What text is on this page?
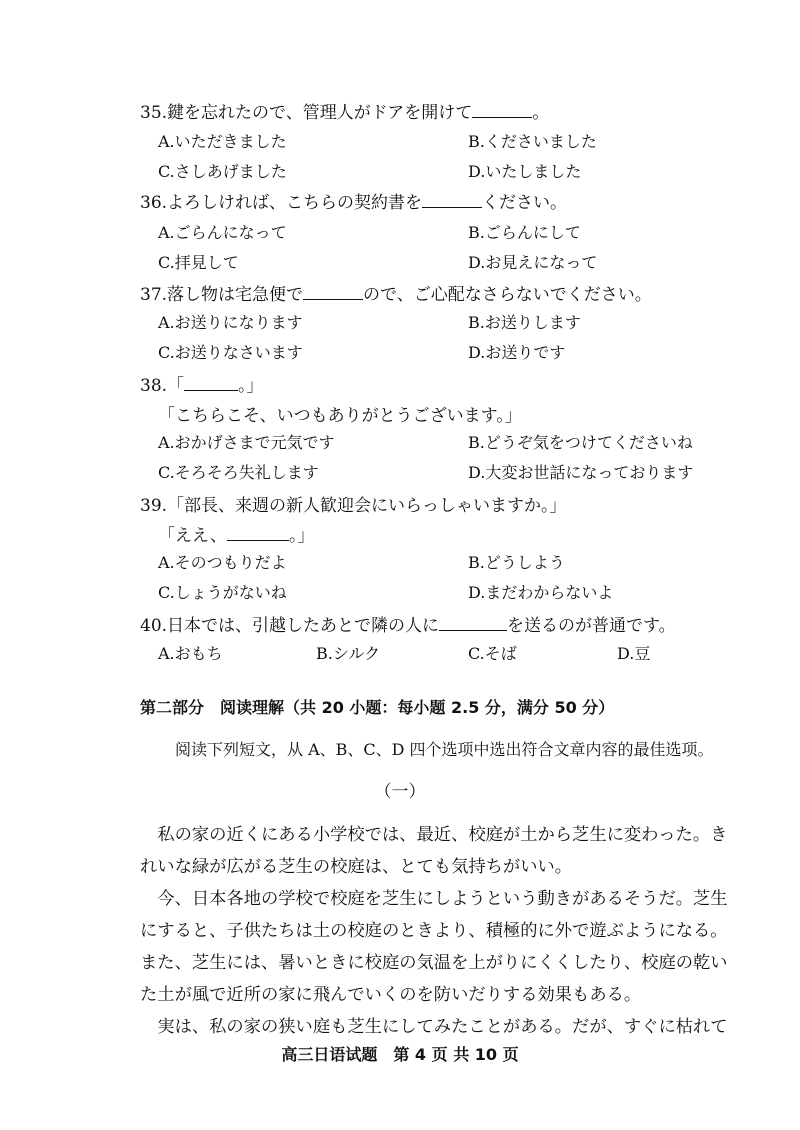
35.鍵を忘れたので、管理人がドアを開けて	。
A.いただきました	B.くださいました
C.さしあげました	D.いたしました
36.よろしければ、こちらの契約書を	ください。
A.ごらんになって	B.ごらんにして
C.拝見して	D.お見えになって
37.落し物は宅急便で	ので、ご心配なさらないでください。
A.お送りになります	B.お送りします
C.お送りなさいます	D.お送りです
38.「	。」
「こちらこそ、いつもありがとうございます。」
A.おかげさまで元気です	B.どうぞ気をつけてくださいね
C.そろそろ失礼します	D.大変お世話になっております
39.「部長、来週の新人歓迎会にいらっしゃいますか。」
「ええ、	。」
A.そのつもりだよ	B.どうしよう
C.しょうがないね	D.まだわからないよ
40.日本では、引越したあとで隣の人に	を送るのが普通です。
A.おもち	B.シルク	C.そば	D.豆
第二部分　阅读理解（共 20 小题：每小题 2.5 分，满分 50 分）
阅读下列短文，从 A、B、C、D 四个选项中选出符合文章内容的最佳选项。
（一）
　私の家の近くにある小学校では、最近、校庭が土から芝生に変わった。き
れいな緑が広がる芝生の校庭は、とても気持ちがいい。
　今、日本各地の学校で校庭を芝生にしようという動きがあるそうだ。芝生
にすると、子供たちは土の校庭のときより、積極的に外で遊ぶようになる。
また、芝生には、暑いときに校庭の気温を上がりにくくしたり、校庭の乾い
た土が風で近所の家に飛んでいくのを防いだりする効果もある。
　実は、私の家の狭い庭も芝生にしてみたことがある。だが、すぐに枯れて
高三日语试题　第 4 页 共 10 页
